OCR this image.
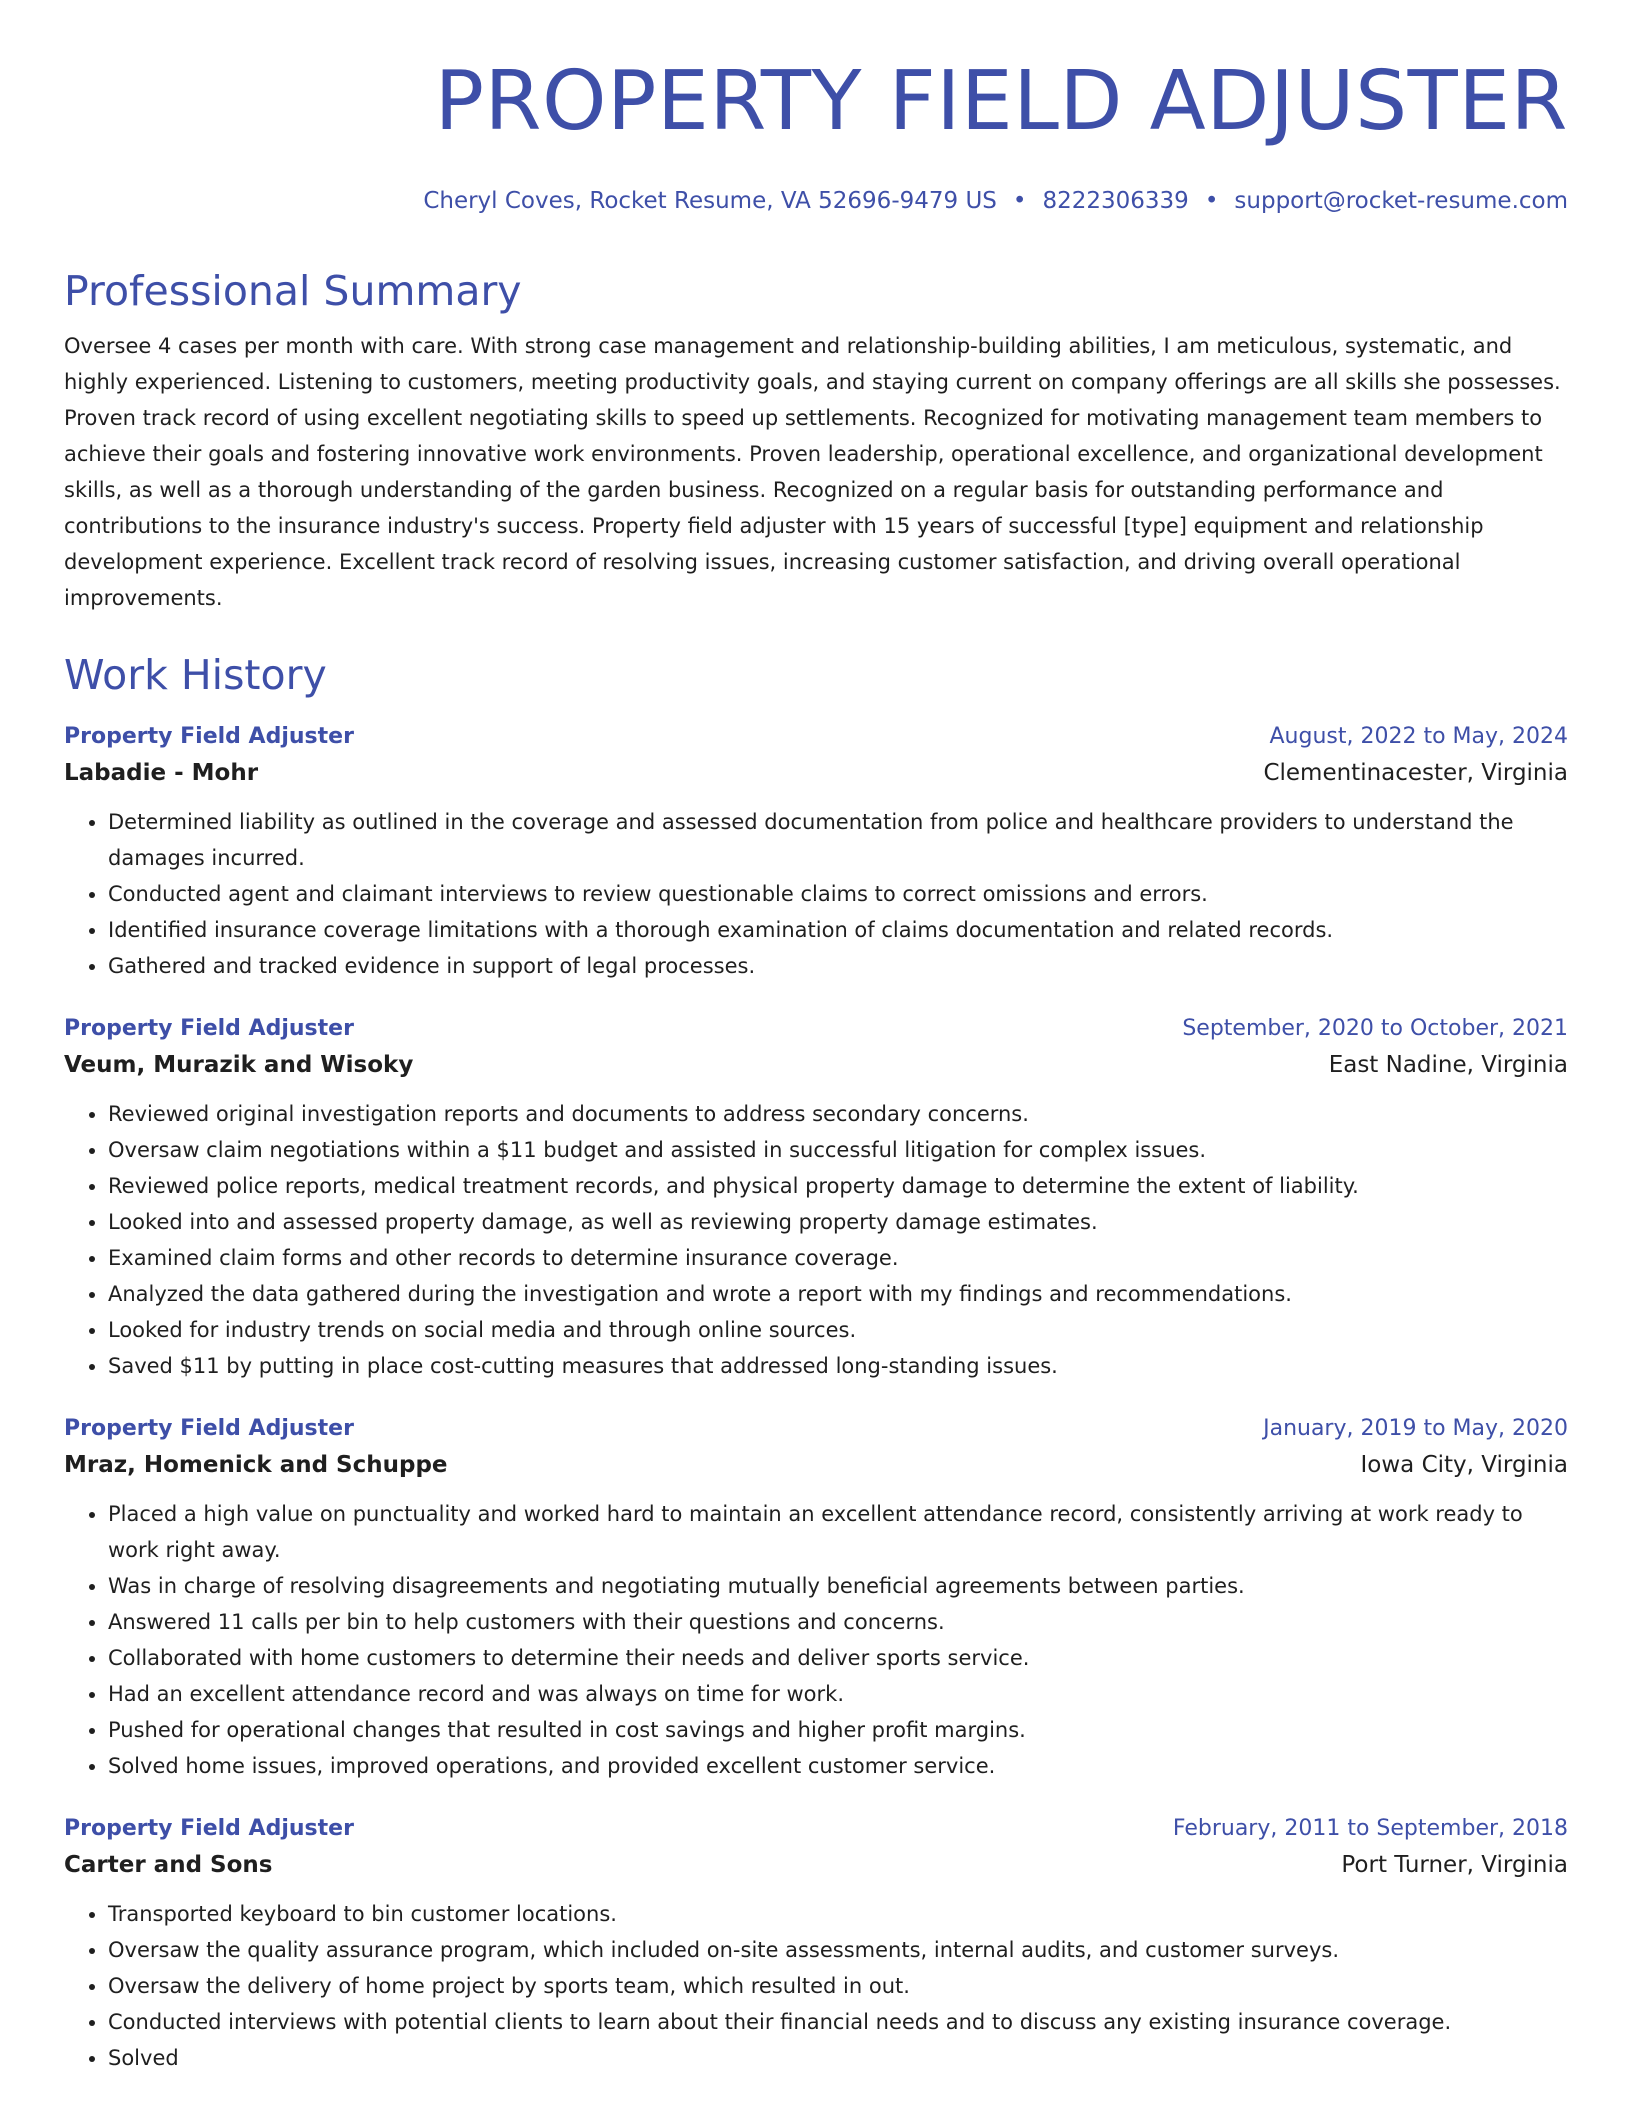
PROPERTY FIELD ADJUSTER
Cheryl Coves, Rocket Resume, VA 52696-9479 US • 8222306339 • support@rocket-resume.com
Professional Summary

Oversee 4 cases per month with care. With strong case management and relationship-building abilities, I am meticulous, systematic, and highly experienced. Listening to customers, meeting productivity goals, and staying current on company offerings are all skills she possesses. Proven track record of using excellent negotiating skills to speed up settlements. Recognized for motivating management team members to achieve their goals and fostering innovative work environments. Proven leadership, operational excellence, and organizational development skills, as well as a thorough understanding of the garden business. Recognized on a regular basis for outstanding performance and contributions to the insurance industry's success. Property field adjuster with 15 years of successful [type] equipment and relationship development experience. Excellent track record of resolving issues, increasing customer satisfaction, and driving overall operational improvements.

Work History
Property Field Adjuster	August, 2022 to May, 2024
Labadie - Mohr	Clementinacester, Virginia
• Determined liability as outlined in the coverage and assessed documentation from police and healthcare providers to understand the damages incurred.
• Conducted agent and claimant interviews to review questionable claims to correct omissions and errors.
• Identified insurance coverage limitations with a thorough examination of claims documentation and related records.
• Gathered and tracked evidence in support of legal processes.
Property Field Adjuster	September, 2020 to October, 2021
Veum, Murazik and Wisoky	East Nadine, Virginia
• Reviewed original investigation reports and documents to address secondary concerns.
• Oversaw claim negotiations within a $11 budget and assisted in successful litigation for complex issues.
• Reviewed police reports, medical treatment records, and physical property damage to determine the extent of liability.
• Looked into and assessed property damage, as well as reviewing property damage estimates.
• Examined claim forms and other records to determine insurance coverage.
• Analyzed the data gathered during the investigation and wrote a report with my findings and recommendations.
• Looked for industry trends on social media and through online sources.
• Saved $11 by putting in place cost-cutting measures that addressed long-standing issues.
Property Field Adjuster	January, 2019 to May, 2020
Mraz, Homenick and Schuppe	Iowa City, Virginia
• Placed a high value on punctuality and worked hard to maintain an excellent attendance record, consistently arriving at work ready to work right away.
• Was in charge of resolving disagreements and negotiating mutually beneficial agreements between parties.
• Answered 11 calls per bin to help customers with their questions and concerns.
• Collaborated with home customers to determine their needs and deliver sports service.
• Had an excellent attendance record and was always on time for work.
• Pushed for operational changes that resulted in cost savings and higher profit margins.
• Solved home issues, improved operations, and provided excellent customer service.
Property Field Adjuster	February, 2011 to September, 2018
Carter and Sons	Port Turner, Virginia
• Transported keyboard to bin customer locations.
• Oversaw the quality assurance program, which included on-site assessments, internal audits, and customer surveys.
• Oversaw the delivery of home project by sports team, which resulted in out.
• Conducted interviews with potential clients to learn about their financial needs and to discuss any existing insurance coverage.
• Solved
